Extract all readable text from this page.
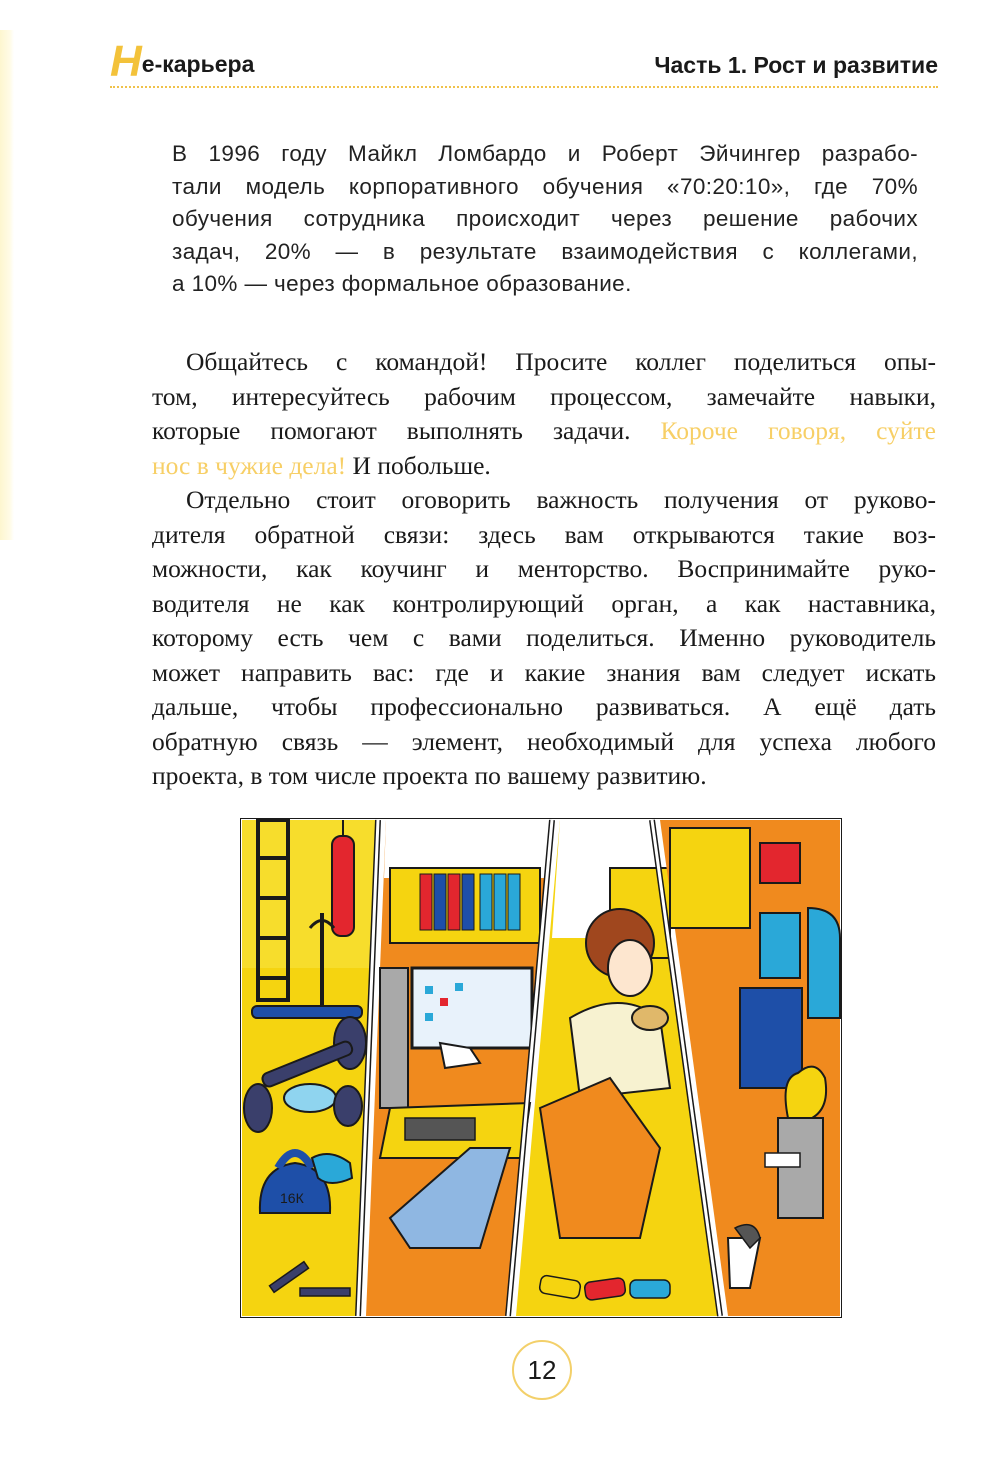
Не-карьера	Часть 1. Рост и развитие
В 1996 году Майкл Ломбардо и Роберт Эйчингер разрабо-
тали модель корпоративного обучения «70:20:10», где 70%
обучения сотрудника происходит через решение рабочих
задач, 20% — в результате взаимодействия с коллегами,
а 10% — через формальное образование.
Общайтесь с командой! Просите коллег поделиться опы-
том, интересуйтесь рабочим процессом, замечайте навыки,
которые помогают выполнять задачи. Короче говоря, суйте
нос в чужие дела! И побольше.
Отдельно стоит оговорить важность получения от руково-
дителя обратной связи: здесь вам открываются такие воз-
можности, как коучинг и менторство. Воспринимайте руко-
водителя не как контролирующий орган, а как наставника,
которому есть чем с вами поделиться. Именно руководитель
может направить вас: где и какие знания вам следует искать
дальше, чтобы профессионально развиваться. А ещё дать
обратную связь — элемент, необходимый для успеха любого
проекта, в том числе проекта по вашему развитию.
16К
12
